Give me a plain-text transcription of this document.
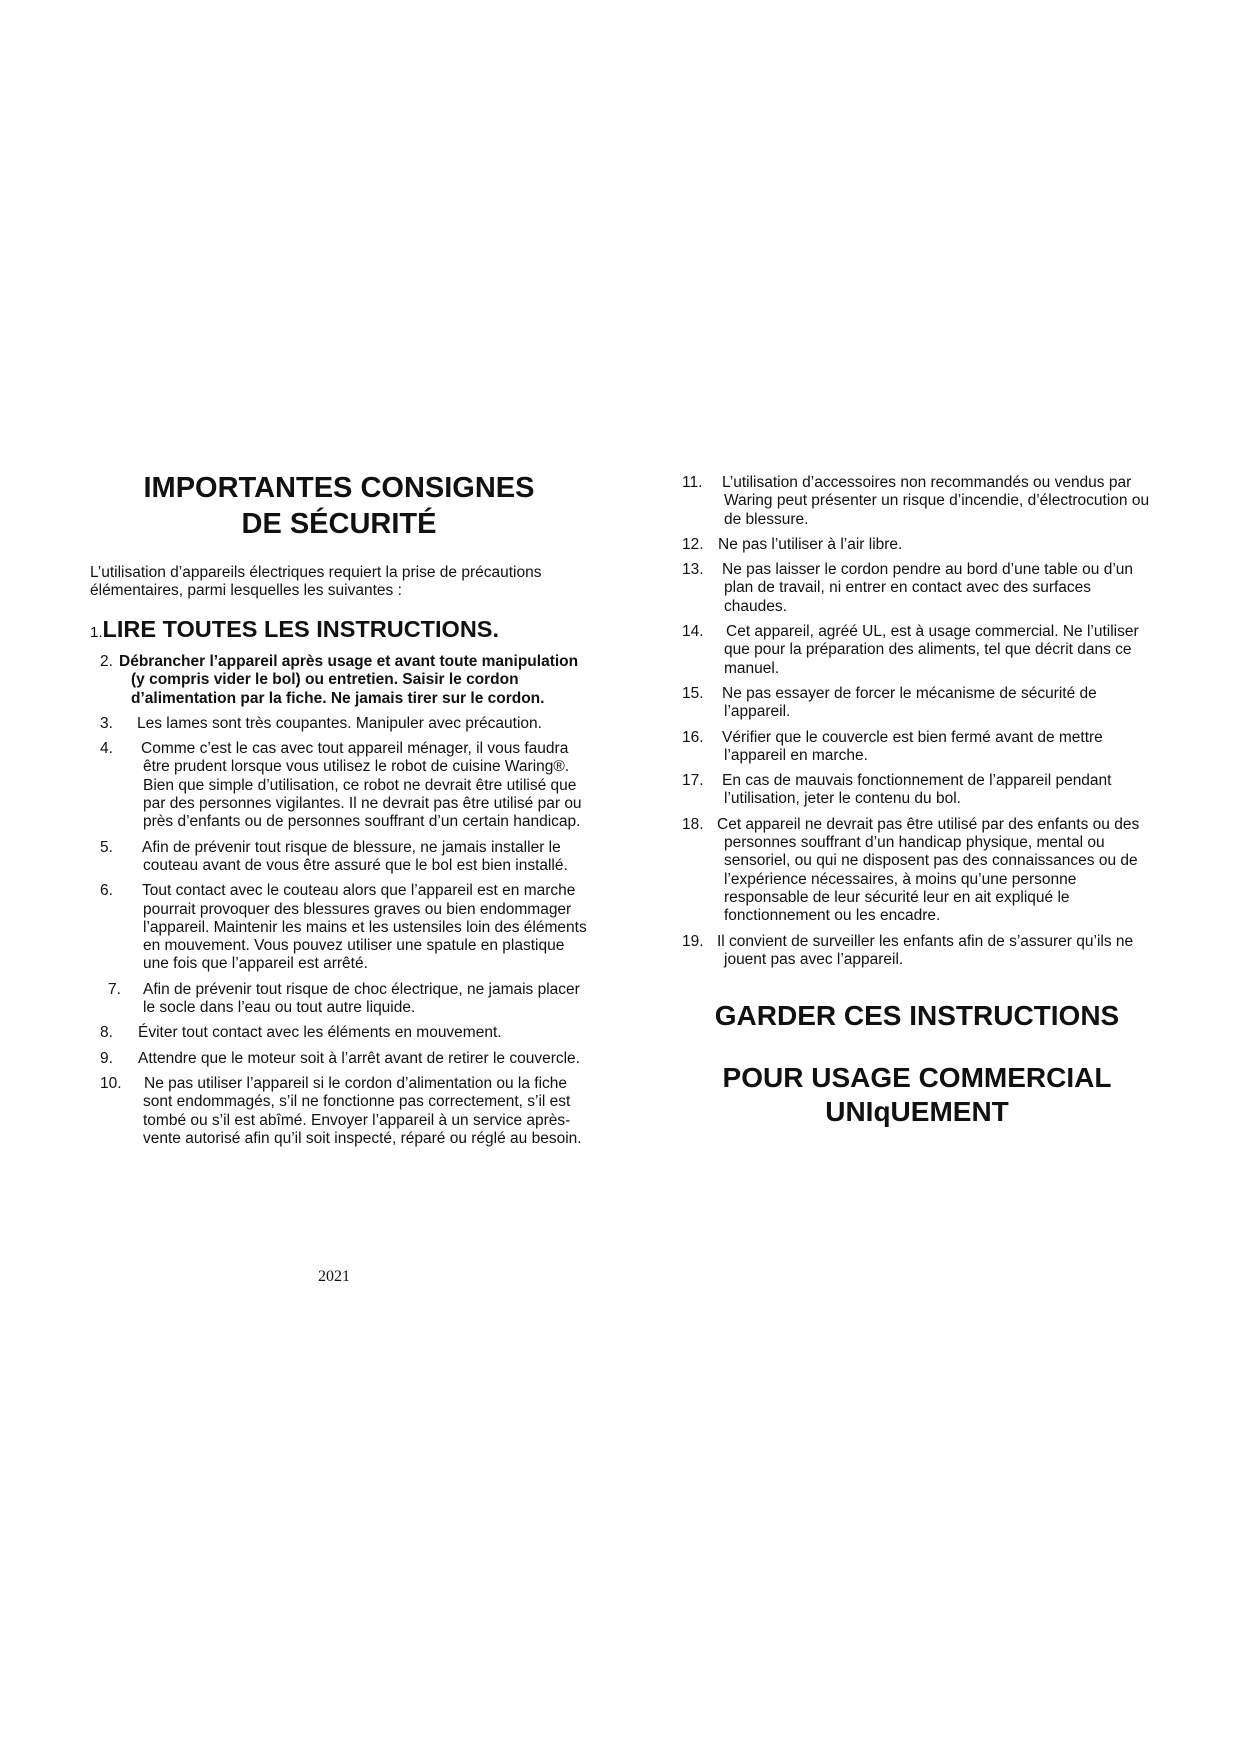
IMPORTANTES CONSIGNES
DE SÉCURITÉ

L’utilisation d’appareils électriques requiert la prise de précautions élémentaires, parmi lesquelles les suivantes :

1.LIRE TOUTES LES INSTRUCTIONS.
2. Débrancher l’appareil après usage et avant toute manipulation (y compris vider le bol) ou entretien. Saisir le cordon d’alimentation par la fiche. Ne jamais tirer sur le cordon.
3. Les lames sont très coupantes. Manipuler avec précaution.
4. Comme c’est le cas avec tout appareil ménager, il vous faudra être prudent lorsque vous utilisez le robot de cuisine Waring®. Bien que simple d’utilisation, ce robot ne devrait être utilisé que par des personnes vigilantes. Il ne devrait pas être utilisé par ou près d’enfants ou de personnes souffrant d’un certain handicap.
5. Afin de prévenir tout risque de blessure, ne jamais installer le couteau avant de vous être assuré que le bol est bien installé.
6. Tout contact avec le couteau alors que l’appareil est en marche pourrait provoquer des blessures graves ou bien endommager l’appareil. Maintenir les mains et les ustensiles loin des éléments en mouvement. Vous pouvez utiliser une spatule en plastique une fois que l’appareil est arrêté.
7. Afin de prévenir tout risque de choc électrique, ne jamais placer le socle dans l’eau ou tout autre liquide.
8. Éviter tout contact avec les éléments en mouvement.
9. Attendre que le moteur soit à l’arrêt avant de retirer le couvercle.
10. Ne pas utiliser l’appareil si le cordon d’alimentation ou la fiche sont endommagés, s’il ne fonctionne pas correctement, s’il est tombé ou s’il est abîmé. Envoyer l’appareil à un service après-vente autorisé afin qu’il soit inspecté, réparé ou réglé au besoin.
2021
11. L’utilisation d’accessoires non recommandés ou vendus par Waring peut présenter un risque d’incendie, d’électrocution ou de blessure.
12. Ne pas l’utiliser à l’air libre.
13. Ne pas laisser le cordon pendre au bord d’une table ou d’un plan de travail, ni entrer en contact avec des surfaces chaudes.
14. Cet appareil, agréé UL, est à usage commercial. Ne l’utiliser que pour la préparation des aliments, tel que décrit dans ce manuel.
15. Ne pas essayer de forcer le mécanisme de sécurité de l’appareil.
16. Vérifier que le couvercle est bien fermé avant de mettre l’appareil en marche.
17. En cas de mauvais fonctionnement de l’appareil pendant l’utilisation, jeter le contenu du bol.
18. Cet appareil ne devrait pas être utilisé par des enfants ou des personnes souffrant d’un handicap physique, mental ou sensoriel, ou qui ne disposent pas des connaissances ou de l’expérience nécessaires, à moins qu’une personne responsable de leur sécurité leur en ait expliqué le fonctionnement ou les encadre.
19. Il convient de surveiller les enfants afin de s’assurer qu’ils ne jouent pas avec l’appareil.
GARDER CES INSTRUCTIONS
POUR USAGE COMMERCIAL
UNIqUEMENT
